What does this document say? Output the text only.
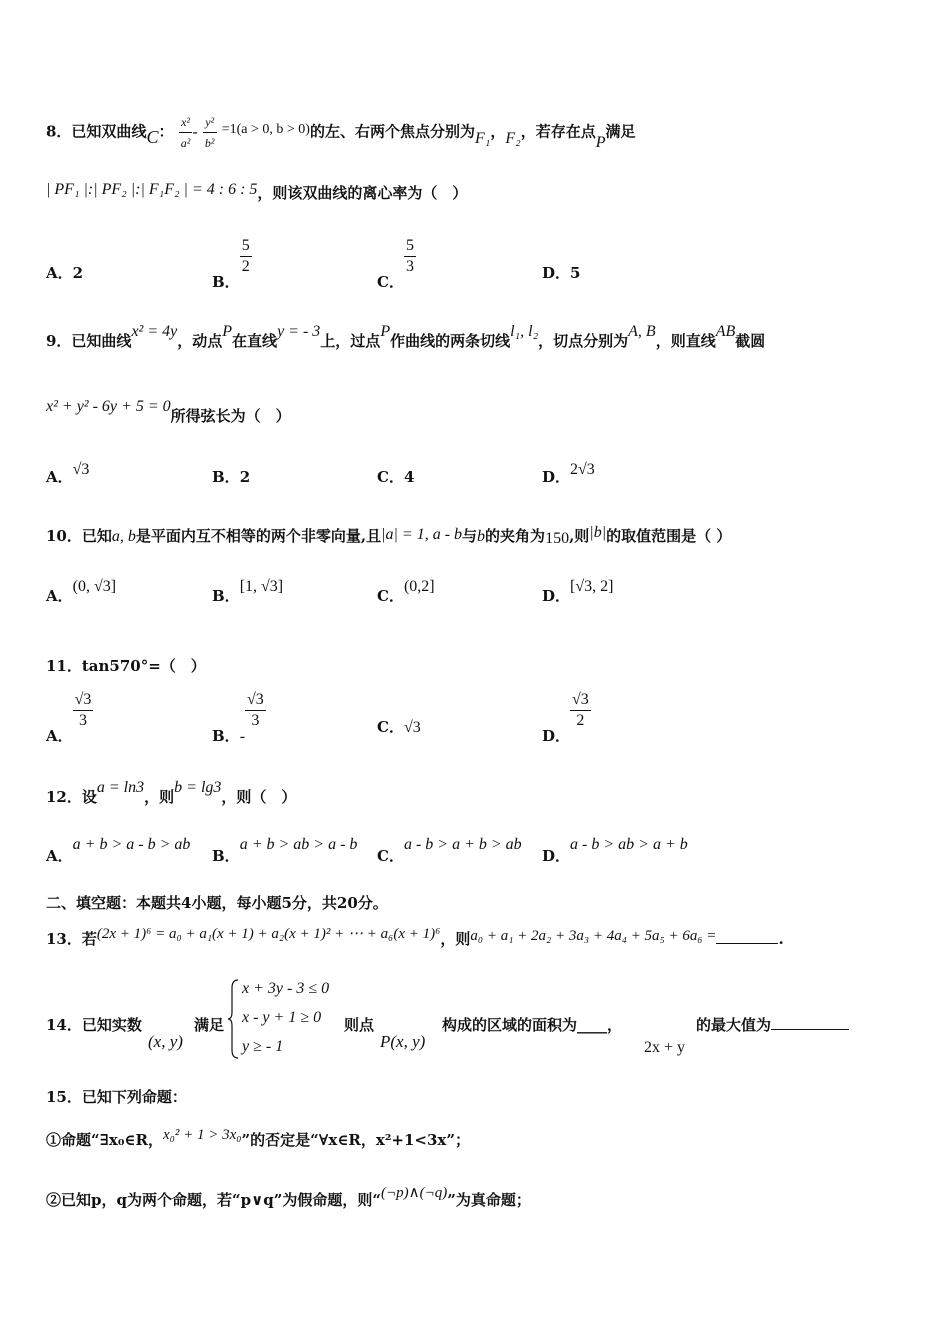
8．已知双曲线C： $\frac{\text{x²}}{\text{a²}} - \frac{\text{y²}}{\text{b²}} =1(a > 0$, b > 0)的左、右两个焦点分别为F₁，F₂，若存在点P满足
| PF₁ |:| PF₂ |:| F₁F₂ | = 4 : 6 : 5，则该双曲线的离心率为（　）
A．2	B．
$\frac{5}{2}$
C．
$\frac{5}{3}$	D．5
9．已知曲线x² = 4y，动点P在直线y = - 3上，过点P作曲线的两条切线l₁, l₂，切点分别为A, B，则直线AB截圆
x² + y² - 6y + 5 = 0所得弦长为（　）
A．√3	B．2	C．4	D．2√3
10．已知a, b是平面内互不相等的两个非零向量,且|a| = 1, a - b与b的夹角为150,则|b|的取值范围是（ ）
A．(0, √3]
B．[1, √3]
C．(0,2]
D．[√3, 2]
11．tan570°=（　）
A．
$\frac{√3}{3}$
B．-
$\frac{√3}{3}$	C．√3	D．
$\frac{√3}{2}$
12．设a = ln3，则b = lg3，则（　）
A．a + b > a - b > ab
B．a + b > ab > a - b
C．a - b > a + b > ab
D．a - b > ab > a + b
二、填空题：本题共4小题，每小题5分，共20分。
13．若(2x + 1)⁶ = a₀ + a₁(x + 1) + a₂(x + 1)² + ⋯ + a₆(x + 1)⁶，则a₀ + a₁ + 2a₂ + 3a₃ + 4a₄ + 5a₅ + 6a₆ =	.
14．已知实数
(x, y)
满足
x + 3y - 3 ≤ 0
x - y + 1 ≥ 0
y ≥ - 1
则点
P(x, y)
构成的区域的面积为____，
2x + y
的最大值为
15．已知下列命题：
①命题“∃x₀∈R，x₀² + 1 > 3x₀”的否定是“∀x∈R，x²+1<3x”；
②已知p，q为两个命题，若“p∨q”为假命题，则“(¬p)∧(¬q)”为真命题；
